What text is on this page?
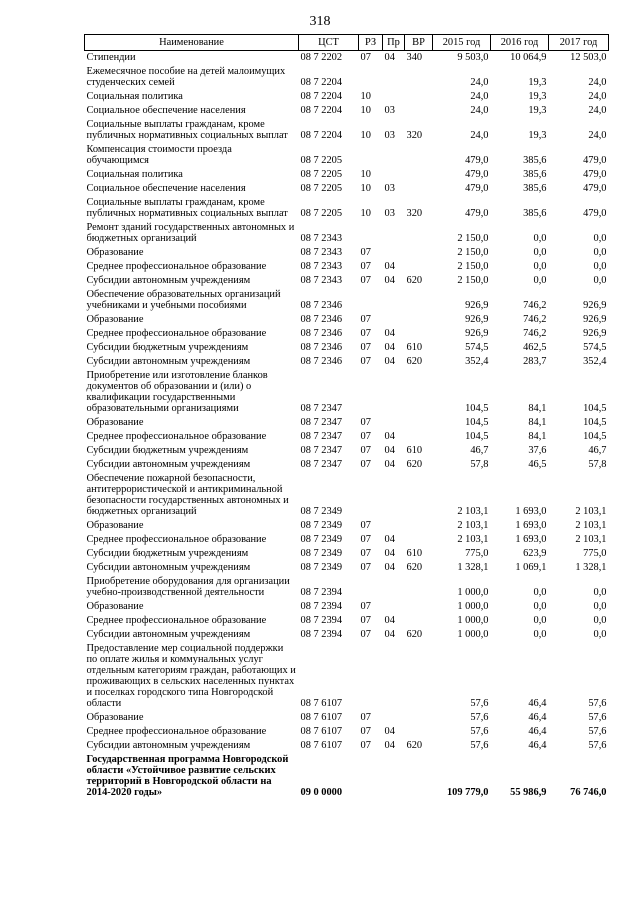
318
Наименование	ЦСТ	РЗ	Пр	ВР	2015 год	2016 год	2017 год
Стипендии	08 7 2202	07	04	340	9 503,0	10 064,9	12 503,0
Ежемесячное пособие на детей малоимущих студенческих семей	08 7 2204				24,0	19,3	24,0
Социальная политика	08 7 2204	10			24,0	19,3	24,0
Социальное обеспечение населения	08 7 2204	10	03		24,0	19,3	24,0
Социальные выплаты гражданам, кроме публичных нормативных социальных выплат	08 7 2204	10	03	320	24,0	19,3	24,0
Компенсация стоимости проезда обучающимся	08 7 2205				479,0	385,6	479,0
Социальная политика	08 7 2205	10			479,0	385,6	479,0
Социальное обеспечение населения	08 7 2205	10	03		479,0	385,6	479,0
Социальные выплаты гражданам, кроме публичных нормативных социальных выплат	08 7 2205	10	03	320	479,0	385,6	479,0
Ремонт зданий государственных автономных и бюджетных организаций	08 7 2343				2 150,0	0,0	0,0
Образование	08 7 2343	07			2 150,0	0,0	0,0
Среднее профессиональное образование	08 7 2343	07	04		2 150,0	0,0	0,0
Субсидии автономным учреждениям	08 7 2343	07	04	620	2 150,0	0,0	0,0
Обеспечение образовательных организаций учебниками и учебными пособиями	08 7 2346				926,9	746,2	926,9
Образование	08 7 2346	07			926,9	746,2	926,9
Среднее профессиональное образование	08 7 2346	07	04		926,9	746,2	926,9
Субсидии бюджетным учреждениям	08 7 2346	07	04	610	574,5	462,5	574,5
Субсидии автономным учреждениям	08 7 2346	07	04	620	352,4	283,7	352,4
Приобретение или изготовление бланков документов об образовании и (или) о квалификации государственными образовательными организациями	08 7 2347				104,5	84,1	104,5
Образование	08 7 2347	07			104,5	84,1	104,5
Среднее профессиональное образование	08 7 2347	07	04		104,5	84,1	104,5
Субсидии бюджетным учреждениям	08 7 2347	07	04	610	46,7	37,6	46,7
Субсидии автономным учреждениям	08 7 2347	07	04	620	57,8	46,5	57,8
Обеспечение пожарной безопасности, антитеррористической и антикриминальной безопасности государственных автономных и бюджетных организаций	08 7 2349				2 103,1	1 693,0	2 103,1
Образование	08 7 2349	07			2 103,1	1 693,0	2 103,1
Среднее профессиональное образование	08 7 2349	07	04		2 103,1	1 693,0	2 103,1
Субсидии бюджетным учреждениям	08 7 2349	07	04	610	775,0	623,9	775,0
Субсидии автономным учреждениям	08 7 2349	07	04	620	1 328,1	1 069,1	1 328,1
Приобретение оборудования для организации учебно-производственной деятельности	08 7 2394				1 000,0	0,0	0,0
Образование	08 7 2394	07			1 000,0	0,0	0,0
Среднее профессиональное образование	08 7 2394	07	04		1 000,0	0,0	0,0
Субсидии автономным учреждениям	08 7 2394	07	04	620	1 000,0	0,0	0,0
Предоставление мер социальной поддержки по оплате жилья и коммунальных услуг отдельным категориям граждан, работающих и проживающих в сельских населенных пунктах и поселках городского типа Новгородской области	08 7 6107				57,6	46,4	57,6
Образование	08 7 6107	07			57,6	46,4	57,6
Среднее профессиональное образование	08 7 6107	07	04		57,6	46,4	57,6
Субсидии автономным учреждениям	08 7 6107	07	04	620	57,6	46,4	57,6
Государственная программа Новгородской области «Устойчивое развитие сельских территорий в Новгородской области на 2014-2020 годы»	09 0 0000				109 779,0	55 986,9	76 746,0
